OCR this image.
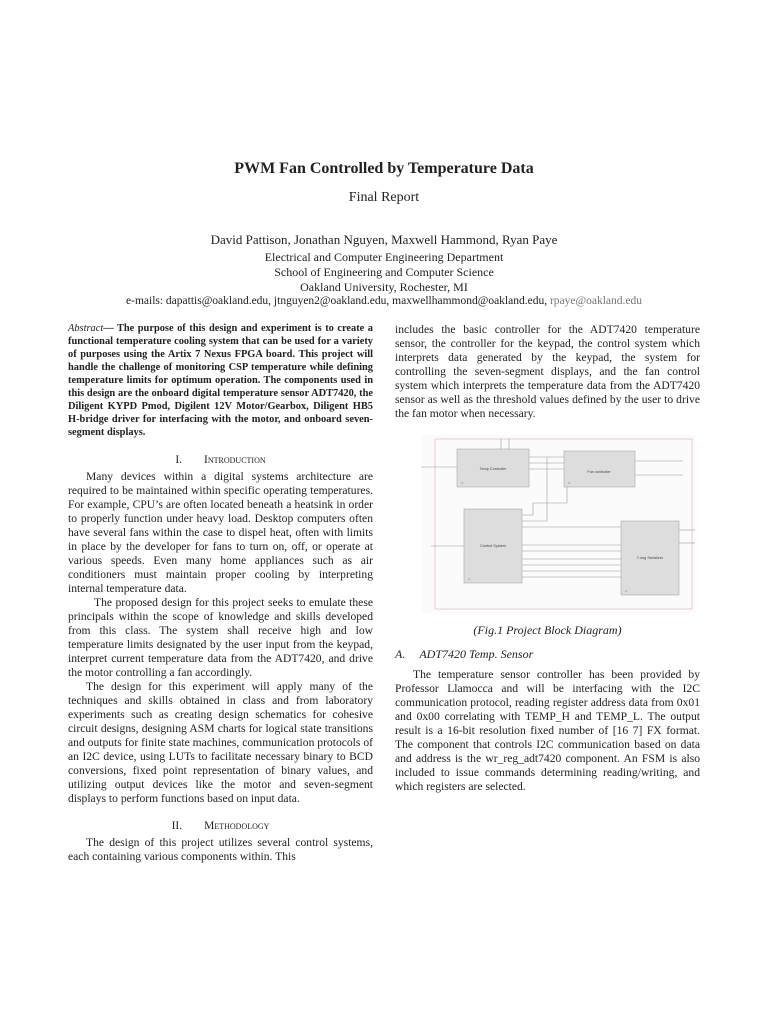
PWM Fan Controlled by Temperature Data
Final Report
David Pattison, Jonathan Nguyen, Maxwell Hammond, Ryan Paye
Electrical and Computer Engineering Department
School of Engineering and Computer Science
Oakland University, Rochester, MI
e-mails: dapattis@oakland.edu, jtnguyen2@oakland.edu, maxwellhammond@oakland.edu, rpaye@oakland.edu

Abstract— The purpose of this design and experiment is to create a functional temperature cooling system that can be used for a variety of purposes using the Artix 7 Nexus FPGA board. This project will handle the challenge of monitoring CSP temperature while defining temperature limits for optimum operation. The components used in this design are the onboard digital temperature sensor ADT7420, the Diligent KYPD Pmod, Digilent 12V Motor/Gearbox, Diligent HB5 H-bridge driver for interfacing with the motor, and onboard seven-segment displays.

I. Introduction

Many devices within a digital systems architecture are required to be maintained within specific operating temperatures. For example, CPU’s are often located beneath a heatsink in order to properly function under heavy load. Desktop computers often have several fans within the case to dispel heat, often with limits in place by the developer for fans to turn on, off, or operate at various speeds. Even many home appliances such as air conditioners must maintain proper cooling by interpreting internal temperature data.

The proposed design for this project seeks to emulate these principals within the scope of knowledge and skills developed from this class. The system shall receive high and low temperature limits designated by the user input from the keypad, interpret current temperature data from the ADT7420, and drive the motor controlling a fan accordingly.

The design for this experiment will apply many of the techniques and skills obtained in class and from laboratory experiments such as creating design schematics for cohesive circuit designs, designing ASM charts for logical state transitions and outputs for finite state machines, communication protocols of an I2C device, using LUTs to facilitate necessary binary to BCD conversions, fixed point representation of binary values, and utilizing output devices like the motor and seven-segment displays to perform functions based on input data.

II. Methodology

The design of this project utilizes several control systems, each containing various components within. This

includes the basic controller for the ADT7420 temperature sensor, the controller for the keypad, the control system which interprets data generated by the keypad, the system for controlling the seven-segment displays, and the fan control system which interprets the temperature data from the ADT7420 sensor as well as the threshold values defined by the user to drive the fan motor when necessary.

Temp Controller
>
Fan controller
>
Control System
>
7-seg Serializer
>
(Fig.1 Project Block Diagram)
A. ADT7420 Temp. Sensor

The temperature sensor controller has been provided by Professor Llamocca and will be interfacing with the I2C communication protocol, reading register address data from 0x01 and 0x00 correlating with TEMP_H and TEMP_L. The output result is a 16-bit resolution fixed number of [16 7] FX format. The component that controls I2C communication based on data and address is the wr_reg_adt7420 component. An FSM is also included to issue commands determining reading/writing, and which registers are selected.
